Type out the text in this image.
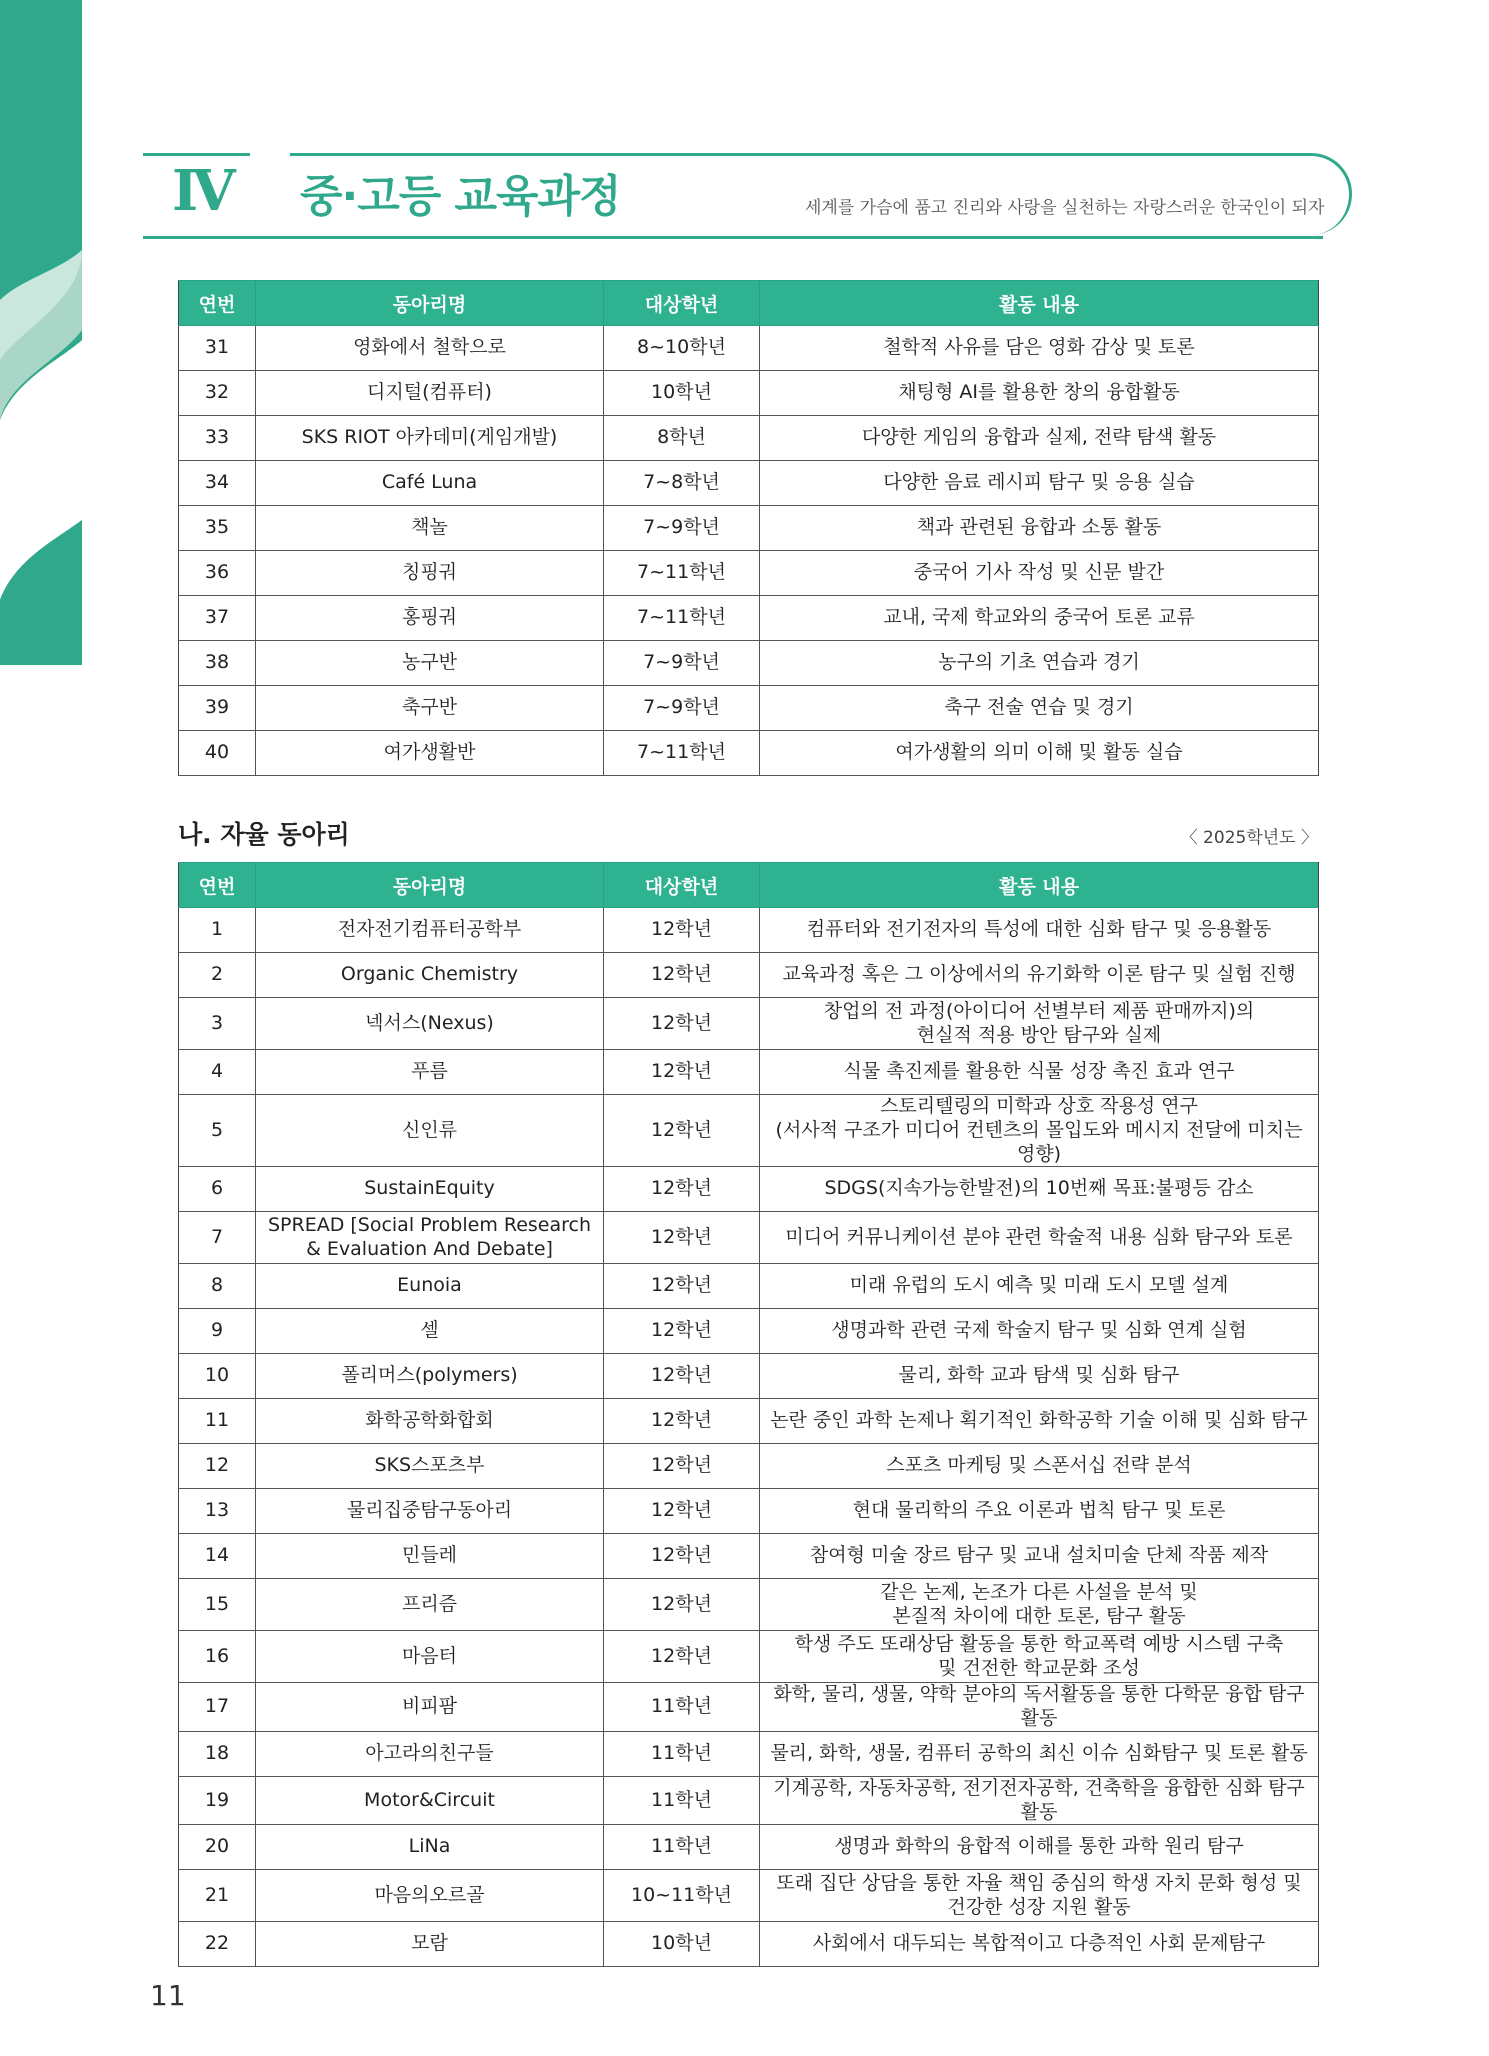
Ⅳ 중·고등 교육과정	세계를 가슴에 품고 진리와 사랑을 실천하는 자랑스러운 한국인이 되자
연번	동아리명	대상학년	활동 내용

31	영화에서 철학으로	8~10학년	철학적 사유를 담은 영화 감상 및 토론

32	디지털(컴퓨터)	10학년	채팅형 AI를 활용한 창의 융합활동

33	SKS RIOT 아카데미(게임개발)	8학년	다양한 게임의 융합과 실제, 전략 탐색 활동

34	Café Luna	7~8학년	다양한 음료 레시피 탐구 및 응용 실습

35	책놀	7~9학년	책과 관련된 융합과 소통 활동

36	칭핑궈	7~11학년	중국어 기사 작성 및 신문 발간

37	홍핑궈	7~11학년	교내, 국제 학교와의 중국어 토론 교류

38	농구반	7~9학년	농구의 기초 연습과 경기

39	축구반	7~9학년	축구 전술 연습 및 경기

40	여가생활반	7~11학년	여가생활의 의미 이해 및 활동 실습
나. 자율 동아리	〈 2025학년도 〉
연번	동아리명	대상학년	활동 내용

1	전자전기컴퓨터공학부	12학년	컴퓨터와 전기전자의 특성에 대한 심화 탐구 및 응용활동

2	Organic Chemistry	12학년	교육과정 혹은 그 이상에서의 유기화학 이론 탐구 및 실험 진행

3	넥서스(Nexus)	12학년	창업의 전 과정(아이디어 선별부터 제품 판매까지)의
현실적 적용 방안 탐구와 실제

4	푸름	12학년	식물 촉진제를 활용한 식물 성장 촉진 효과 연구

5	신인류	12학년	스토리텔링의 미학과 상호 작용성 연구
(서사적 구조가 미디어 컨텐츠의 몰입도와 메시지 전달에 미치는 영향)

6	SustainEquity	12학년	SDGS(지속가능한발전)의 10번째 목표:불평등 감소

7	SPREAD [Social Problem Research
& Evaluation And Debate]	12학년	미디어 커뮤니케이션 분야 관련 학술적 내용 심화 탐구와 토론

8	Eunoia	12학년	미래 유럽의 도시 예측 및 미래 도시 모델 설계

9	셀	12학년	생명과학 관련 국제 학술지 탐구 및 심화 연계 실험

10	폴리머스(polymers)	12학년	물리, 화학 교과 탐색 및 심화 탐구

11	화학공학화합회	12학년	논란 중인 과학 논제나 획기적인 화학공학 기술 이해 및 심화 탐구

12	SKS스포츠부	12학년	스포츠 마케팅 및 스폰서십 전략 분석

13	물리집중탐구동아리	12학년	현대 물리학의 주요 이론과 법칙 탐구 및 토론

14	민들레	12학년	참여형 미술 장르 탐구 및 교내 설치미술 단체 작품 제작

15	프리즘	12학년	같은 논제, 논조가 다른 사설을 분석 및
본질적 차이에 대한 토론, 탐구 활동

16	마음터	12학년	학생 주도 또래상담 활동을 통한 학교폭력 예방 시스템 구축
및 건전한 학교문화 조성

17	비피팜	11학년	화학, 물리, 생물, 약학 분야의 독서활동을 통한 다학문 융합 탐구 활동

18	아고라의친구들	11학년	물리, 화학, 생물, 컴퓨터 공학의 최신 이슈 심화탐구 및 토론 활동

19	Motor&Circuit	11학년	기계공학, 자동차공학, 전기전자공학, 건축학을 융합한 심화 탐구 활동

20	LiNa	11학년	생명과 화학의 융합적 이해를 통한 과학 원리 탐구

21	마음의오르골	10~11학년	또래 집단 상담을 통한 자율 책임 중심의 학생 자치 문화 형성 및
건강한 성장 지원 활동

22	모람	10학년	사회에서 대두되는 복합적이고 다층적인 사회 문제탐구
11
